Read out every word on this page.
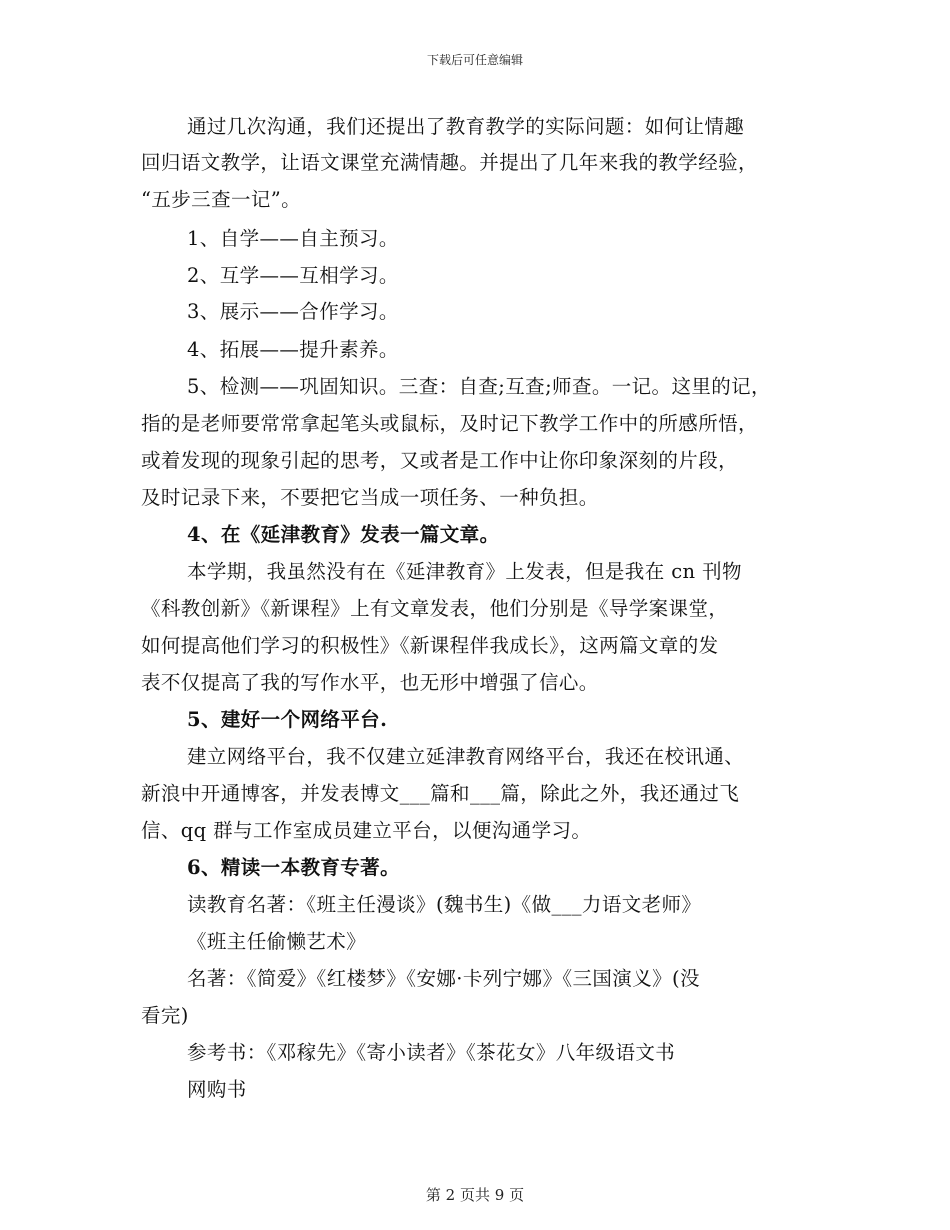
下载后可任意编辑
通过几次沟通，我们还提出了教育教学的实际问题：如何让情趣
回归语文教学，让语文课堂充满情趣。并提出了几年来我的教学经验，
“五步三查一记”。
1、自学——自主预习。
2、互学——互相学习。
3、展示——合作学习。
4、拓展——提升素养。
5、检测——巩固知识。三查：自查;互查;师查。一记。这里的记，
指的是老师要常常拿起笔头或鼠标，及时记下教学工作中的所感所悟，
或着发现的现象引起的思考，又或者是工作中让你印象深刻的片段，
及时记录下来，不要把它当成一项任务、一种负担。
4、在《延津教育》发表一篇文章。
本学期，我虽然没有在《延津教育》上发表，但是我在 cn 刊物
《科教创新》《新课程》上有文章发表，他们分别是《导学案课堂，
如何提高他们学习的积极性》《新课程伴我成长》，这两篇文章的发
表不仅提高了我的写作水平，也无形中增强了信心。
5、建好一个网络平台.
建立网络平台，我不仅建立延津教育网络平台，我还在校讯通、
新浪中开通博客，并发表博文___篇和___篇，除此之外，我还通过飞
信、qq 群与工作室成员建立平台，以便沟通学习。
6、精读一本教育专著。
读教育名著：《班主任漫谈》(魏书生)《做___力语文老师》
《班主任偷懒艺术》
名著：《简爱》《红楼梦》《安娜·卡列宁娜》《三国演义》(没
看完)
参考书：《邓稼先》《寄小读者》《茶花女》八年级语文书
网购书
第 2 页共 9 页
